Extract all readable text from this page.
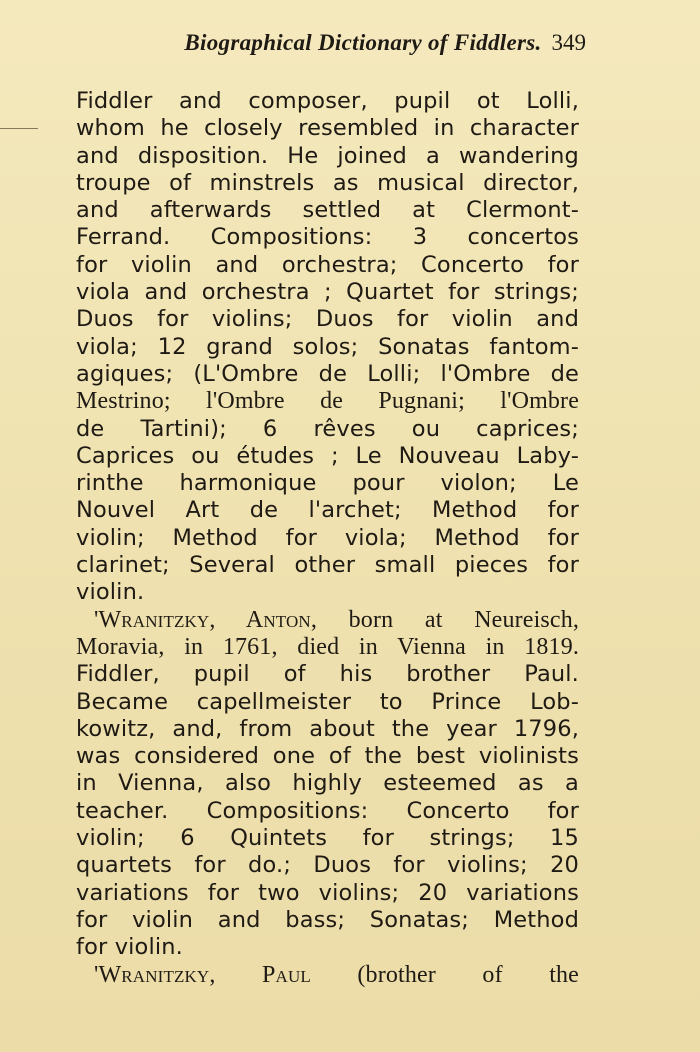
Biographical Dictionary of Fiddlers. 349
Fiddler and composer, pupil ot Lolli,
whom he closely resembled in character
and disposition. He joined a wandering
troupe of minstrels as musical director,
and afterwards settled at Clermont-
Ferrand. Compositions: 3 concertos
for violin and orchestra; Concerto for
viola and orchestra ; Quartet for strings;
Duos for violins; Duos for violin and
viola; 12 grand solos; Sonatas fantom-
agiques; (L'Ombre de Lolli; l'Ombre de
Mestrino; l'Ombre de Pugnani; l'Ombre
de Tartini); 6 rêves ou caprices;
Caprices ou études ; Le Nouveau Laby-
rinthe harmonique pour violon; Le
Nouvel Art de l'archet; Method for
violin; Method for viola; Method for
clarinet; Several other small pieces for
violin.
'Wranitzky, Anton, born at Neureisch,
Moravia, in 1761, died in Vienna in 1819.
Fiddler, pupil of his brother Paul.
Became capellmeister to Prince Lob-
kowitz, and, from about the year 1796,
was considered one of the best violinists
in Vienna, also highly esteemed as a
teacher. Compositions: Concerto for
violin; 6 Quintets for strings; 15
quartets for do.; Duos for violins; 20
variations for two violins; 20 variations
for violin and bass; Sonatas; Method
for violin.
'Wranitzky, Paul (brother of the
